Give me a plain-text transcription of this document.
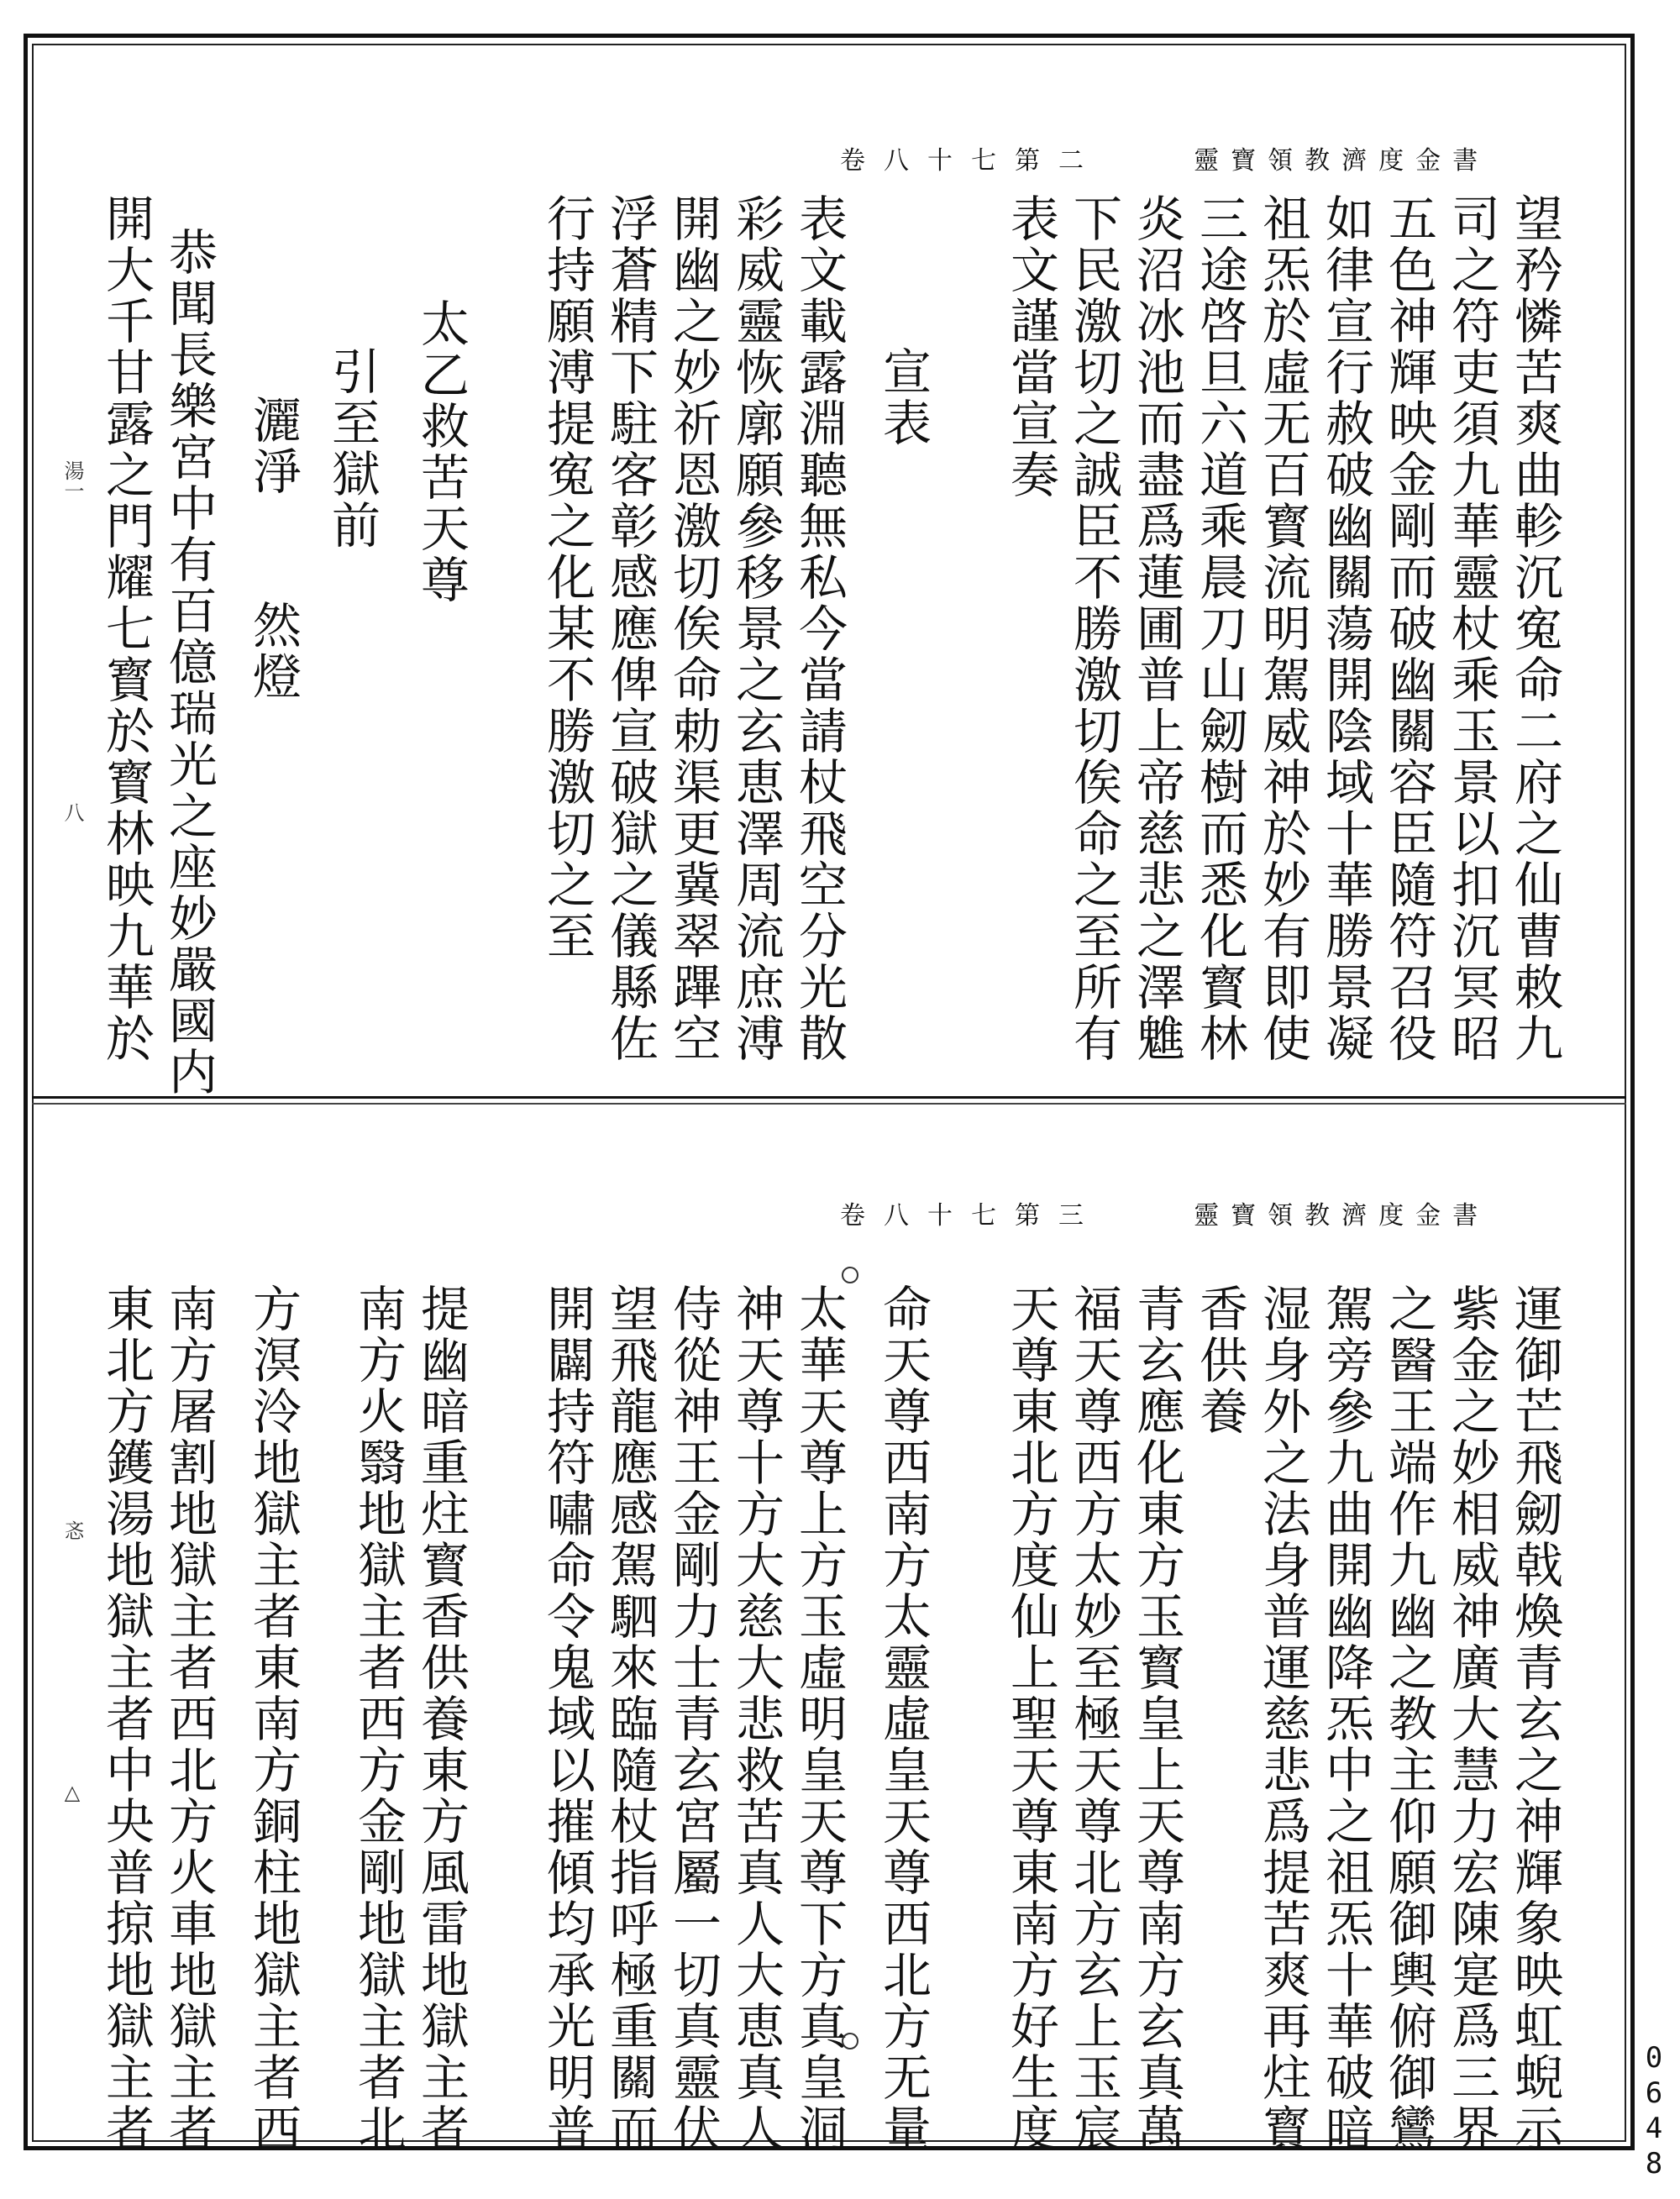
卷八十七第二	靈寶領教濟度金書
卷八十七第三	靈寶領教濟度金書
望矜憐苦爽曲軫沉寃命二府之仙曹敕九
司之符吏須九華靈杖乘玉景以扣沉冥昭
五色神輝映金剛而破幽關容臣隨符召役
如律宣行赦破幽關蕩開陰域十華勝景凝
祖炁於虛无百寳流明駕威神於妙有即使
三途啓旦六道乘晨刀山劒樹而悉化寳林
炎沼冰池而盡爲蓮圃普上帝慈悲之澤魋
下民激切之誠臣不勝激切俟命之至所有
表文謹當宣奏
宣表
表文載露淵聽無私今當請杖飛空分光散
彩威靈恢廓願參移景之玄恵澤周流庶溥
開幽之妙祈恩激切俟命勅渠更冀翠蹕空
浮蒼精下駐客彰感應俾宣破獄之儀縣佐
行持願溥提寃之化某不勝激切之至
太乙救苦天尊
引至獄前
灑淨　　然燈
恭聞長樂宮中有百億瑞光之座妙嚴國内
開大千甘露之門耀七寳於寳林映九華於
湯一
八
運御芒飛劒戟煥青玄之神輝象映虹蜺示
紫金之妙相威神廣大慧力宏陳寔爲三界
之醫王端作九幽之教主仰願御輿俯御鸞
駕旁參九曲開幽降炁中之祖炁十華破暗
湿身外之法身普運慈悲爲提苦爽再炷寳
香供養
青玄應化東方玉寳皇上天尊南方玄真萬
福天尊西方太妙至極天尊北方玄上玉宸
天尊東北方度仙上聖天尊東南方好生度
命天尊西南方太靈虛皇天尊西北方无量
太華天尊上方玉虛明皇天尊下方真皇洞
神天尊十方大慈大悲救苦真人大恵真人
侍從神王金剛力士青玄宮屬一切真靈伏
望飛龍應感駕駟來臨隨杖指呼極重關而
開闢持符嘯命令鬼域以摧傾均承光明普
提幽暗重炷寳香供養東方風雷地獄主者
南方火翳地獄主者西方金剛地獄主者北
方溟泠地獄主者東南方銅柱地獄主者西
南方屠割地獄主者西北方火車地獄主者
東北方鑊湯地獄主者中央普掠地獄主者
忞
△
0648
